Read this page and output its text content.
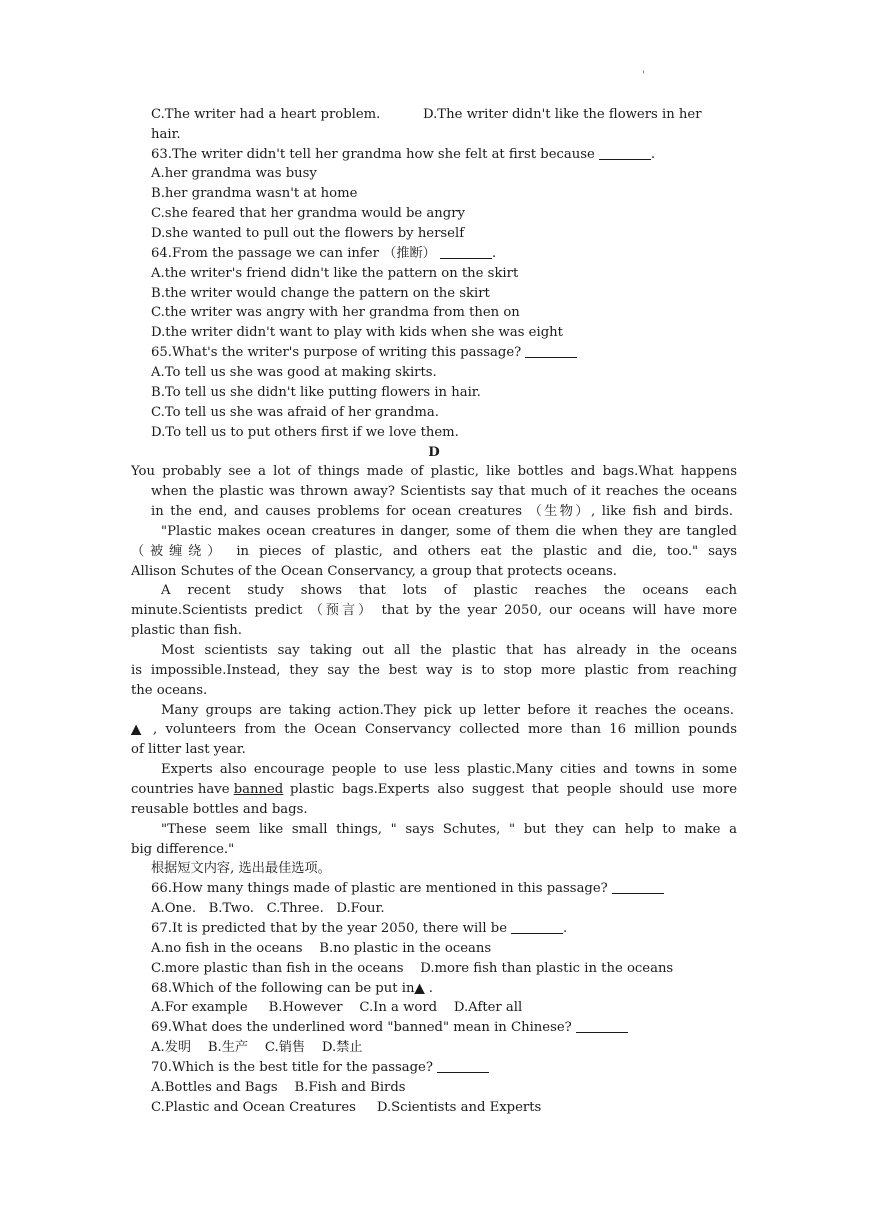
'
C.The writer had a heart problem.	D.The writer didn't like the flowers in her
hair.
63.The writer didn't tell her grandma how she felt at first because	.
A.her grandma was busy
B.her grandma wasn't at home
C.she feared that her grandma would be angry
D.she wanted to pull out the flowers by herself
64.From the passage we can infer （推断）	.
A.the writer's friend didn't like the pattern on the skirt
B.the writer would change the pattern on the skirt
C.the writer was angry with her grandma from then on
D.the writer didn't want to play with kids when she was eight
65.What's the writer's purpose of writing this passage?
A.To tell us she was good at making skirts.
B.To tell us she didn't like putting flowers in hair.
C.To tell us she was afraid of her grandma.
D.To tell us to put others first if we love them.
D
You probably see a lot of things made of plastic, like bottles and bags.What happens
when the plastic was thrown away? Scientists say that much of it reaches the oceans
in the end, and causes problems for ocean creatures （生物）, like fish and birds.
"Plastic makes ocean creatures in danger, some of them die when they are tangled
（被缠绕） in pieces of plastic, and others eat the plastic and die, too." says
Allison Schutes of the Ocean Conservancy, a group that protects oceans.
A recent study shows that lots of plastic reaches the oceans each
minute.Scientists predict （预言） that by the year 2050, our oceans will have more
plastic than fish.
Most scientists say taking out all the plastic that has already in the oceans
is impossible.Instead, they say the best way is to stop more plastic from reaching
the oceans.
Many groups are taking action.They pick up letter before it reaches the oceans.
▲ , volunteers from the Ocean Conservancy collected more than 16 million pounds
of litter last year.
Experts also encourage people to use less plastic.Many cities and towns in some
countries have banned plastic bags.Experts also suggest that people should use more
reusable bottles and bags.
"These seem like small things, " says Schutes, " but they can help to make a
big difference."
根据短文内容, 选出最佳选项。
66.How many things made of plastic are mentioned in this passage?
A.One.   B.Two.   C.Three.   D.Four.
67.It is predicted that by the year 2050, there will be	.
A.no fish in the oceans    B.no plastic in the oceans
C.more plastic than fish in the oceans    D.more fish than plastic in the oceans
68.Which of the following can be put in▲ .
A.For example     B.However    C.In a word    D.After all
69.What does the underlined word "banned" mean in Chinese?
A.发明    B.生产    C.销售    D.禁止
70.Which is the best title for the passage?
A.Bottles and Bags    B.Fish and Birds
C.Plastic and Ocean Creatures     D.Scientists and Experts
